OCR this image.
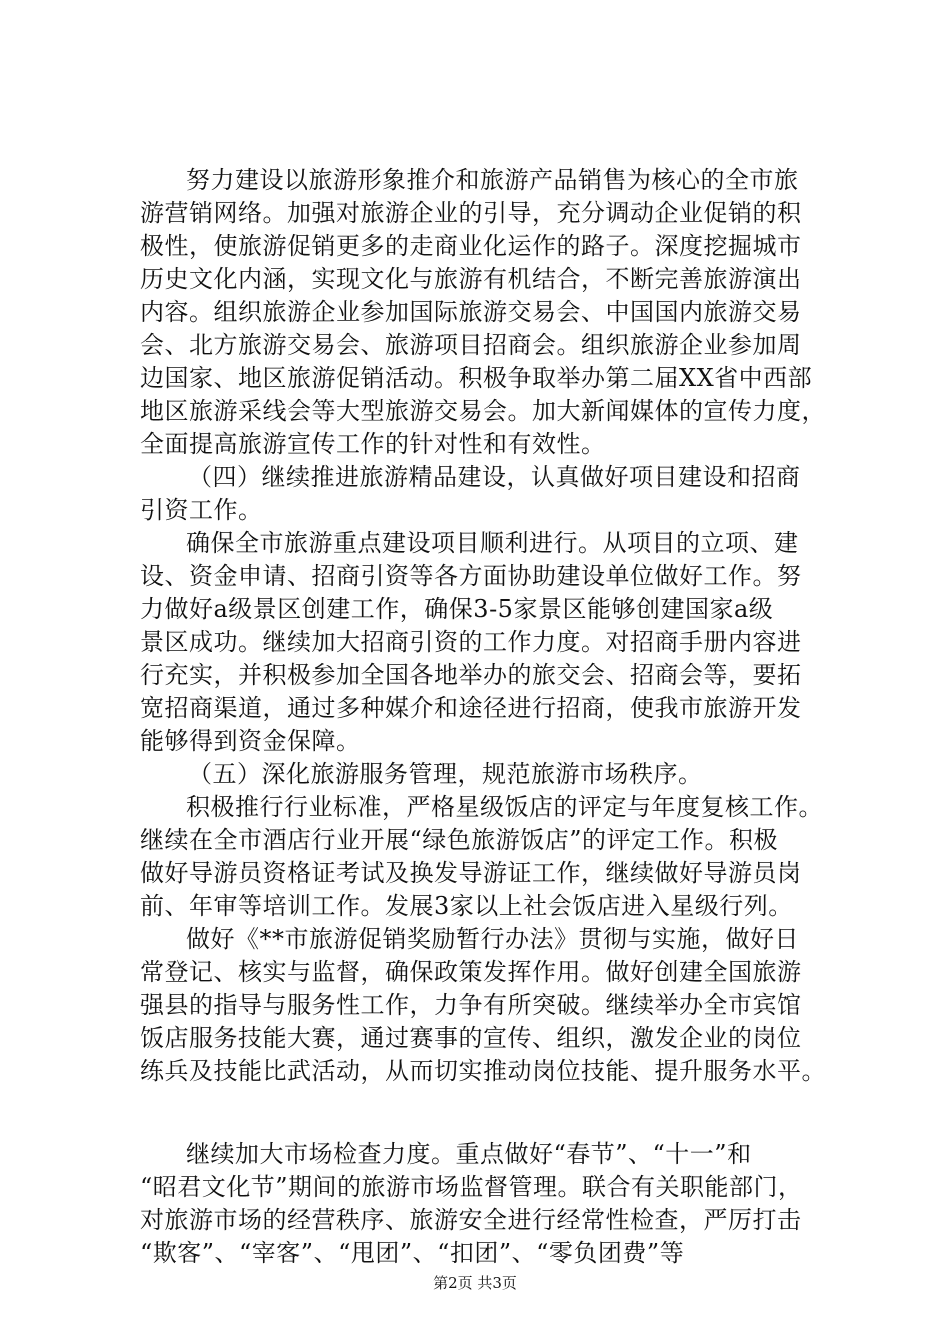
努力建设以旅游形象推介和旅游产品销售为核心的全市旅
游营销网络。加强对旅游企业的引导，充分调动企业促销的积
极性，使旅游促销更多的走商业化运作的路子。深度挖掘城市
历史文化内涵，实现文化与旅游有机结合，不断完善旅游演出
内容。组织旅游企业参加国际旅游交易会、中国国内旅游交易
会、北方旅游交易会、旅游项目招商会。组织旅游企业参加周
边国家、地区旅游促销活动。积极争取举办第二届XX省中西部
地区旅游采线会等大型旅游交易会。加大新闻媒体的宣传力度，
全面提高旅游宣传工作的针对性和有效性。
（四）继续推进旅游精品建设，认真做好项目建设和招商
引资工作。
确保全市旅游重点建设项目顺利进行。从项目的立项、建
设、资金申请、招商引资等各方面协助建设单位做好工作。努
力做好a级景区创建工作，确保3-5家景区能够创建国家a级
景区成功。继续加大招商引资的工作力度。对招商手册内容进
行充实，并积极参加全国各地举办的旅交会、招商会等，要拓
宽招商渠道，通过多种媒介和途径进行招商，使我市旅游开发
能够得到资金保障。
（五）深化旅游服务管理，规范旅游市场秩序。
积极推行行业标准，严格星级饭店的评定与年度复核工作。
继续在全市酒店行业开展“绿色旅游饭店”的评定工作。积极
做好导游员资格证考试及换发导游证工作，继续做好导游员岗
前、年审等培训工作。发展3家以上社会饭店进入星级行列。
做好《**市旅游促销奖励暂行办法》贯彻与实施，做好日
常登记、核实与监督，确保政策发挥作用。做好创建全国旅游
强县的指导与服务性工作，力争有所突破。继续举办全市宾馆
饭店服务技能大赛，通过赛事的宣传、组织，激发企业的岗位
练兵及技能比武活动，从而切实推动岗位技能、提升服务水平。
继续加大市场检查力度。重点做好“春节”、“十一”和
“昭君文化节”期间的旅游市场监督管理。联合有关职能部门，
对旅游市场的经营秩序、旅游安全进行经常性检查，严厉打击
“欺客”、“宰客”、“甩团”、“扣团”、“零负团费”等
第2页 共3页
